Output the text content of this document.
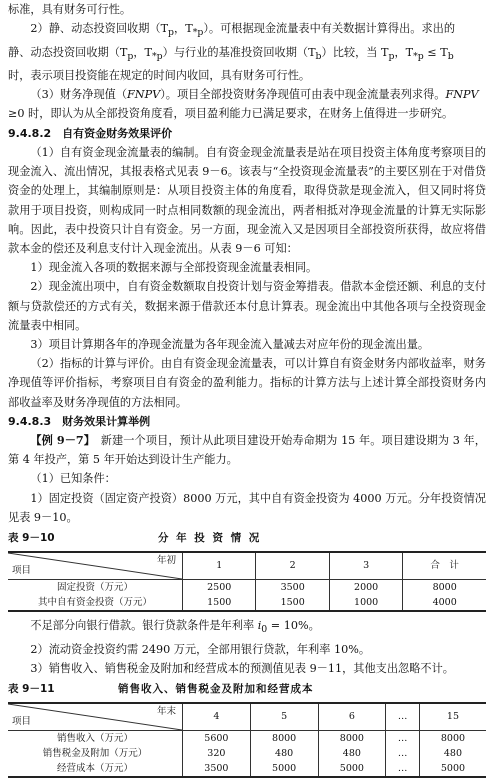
标准，具有财务可行性。

2）静、动态投资回收期（$T_p$，$T_{*p}$）。可根据现金流量表中有关数据计算得出。求出的

静、动态投资回收期（$T_p$，$T_{*p}$）与行业的基准投资回收期$(T_b)$比较，当 $T_p$，$T_{*p} \le T_b$

时，表示项目投资能在规定的时间内收回，具有财务可行性。

（3）财务净现值（FNPV）。项目全部投资财务净现值可由表中现金流量表列求得。FNPV

≥0 时，即认为从全部投资角度看，项目盈利能力已满足要求，在财务上值得进一步研究。

9.4.8.2　自有资金财务效果评价

（1）自有资金现金流量表的编制。自有资金现金流量表是站在项目投资主体角度考察项目的现金流入、流出情况，其报表格式见表 9－6。该表与“全投资现金流量表”的主要区别在于对借贷资金的处理上，其编制原则是：从项目投资主体的角度看，取得贷款是现金流入，但又同时将贷款用于项目投资，则构成同一时点相同数额的现金流出，两者相抵对净现金流量的计算无实际影响。因此，表中投资只计自有资金。另一方面，现金流入又是因项目全部投资所获得，故应将借款本金的偿还及利息支付计入现金流出。从表 9－6 可知：

1）现金流入各项的数据来源与全部投资现金流量表相同。

2）现金流出项中，自有资金数额取自投资计划与资金筹措表。借款本金偿还额、利息的支付额与贷款偿还的方式有关，数据来源于借款还本付息计算表。现金流出中其他各项与全投资现金流量表中相同。

3）项目计算期各年的净现金流量为各年现金流入量减去对应年份的现金流出量。

（2）指标的计算与评价。由自有资金现金流量表，可以计算自有资金财务内部收益率，财务净现值等评价指标，考察项目自有资金的盈利能力。指标的计算方法与上述计算全部投资财务内部收益率及财务净现值的方法相同。

9.4.8.3　财务效果计算举例

【例 9－7】　新建一个项目，预计从此项目建设开始寿命期为 15 年。项目建设期为 3 年，第 4 年投产，第 5 年开始达到设计生产能力。

（1）已知条件：

1）固定投资（固定资产投资）8000 万元，其中自有资金投资为 4000 万元。分年投资情况见表 9－10。

表 9－10	分 年 投 资 情 况
年初
项目	1	2	3	合　计
固定投资（万元）	2500	3500	2000	8000
其中自有资金投资（万元）	1500	1500	1000	4000

不足部分向银行借款。银行贷款条件是年利率 $i_0 = 10\%$。

2）流动资金投资约需 2490 万元，全部用银行贷款，年利率 10%。

3）销售收入、销售税金及附加和经营成本的预测值见表 9－11，其他支出忽略不计。

表 9－11	销售收入、销售税金及附加和经营成本
年末
项目	4	5	6	…	15
销售收入（万元）	5600	8000	8000	…	8000
销售税金及附加（万元）	320	480	480	…	480
经营成本（万元）	3500	5000	5000	…	5000
